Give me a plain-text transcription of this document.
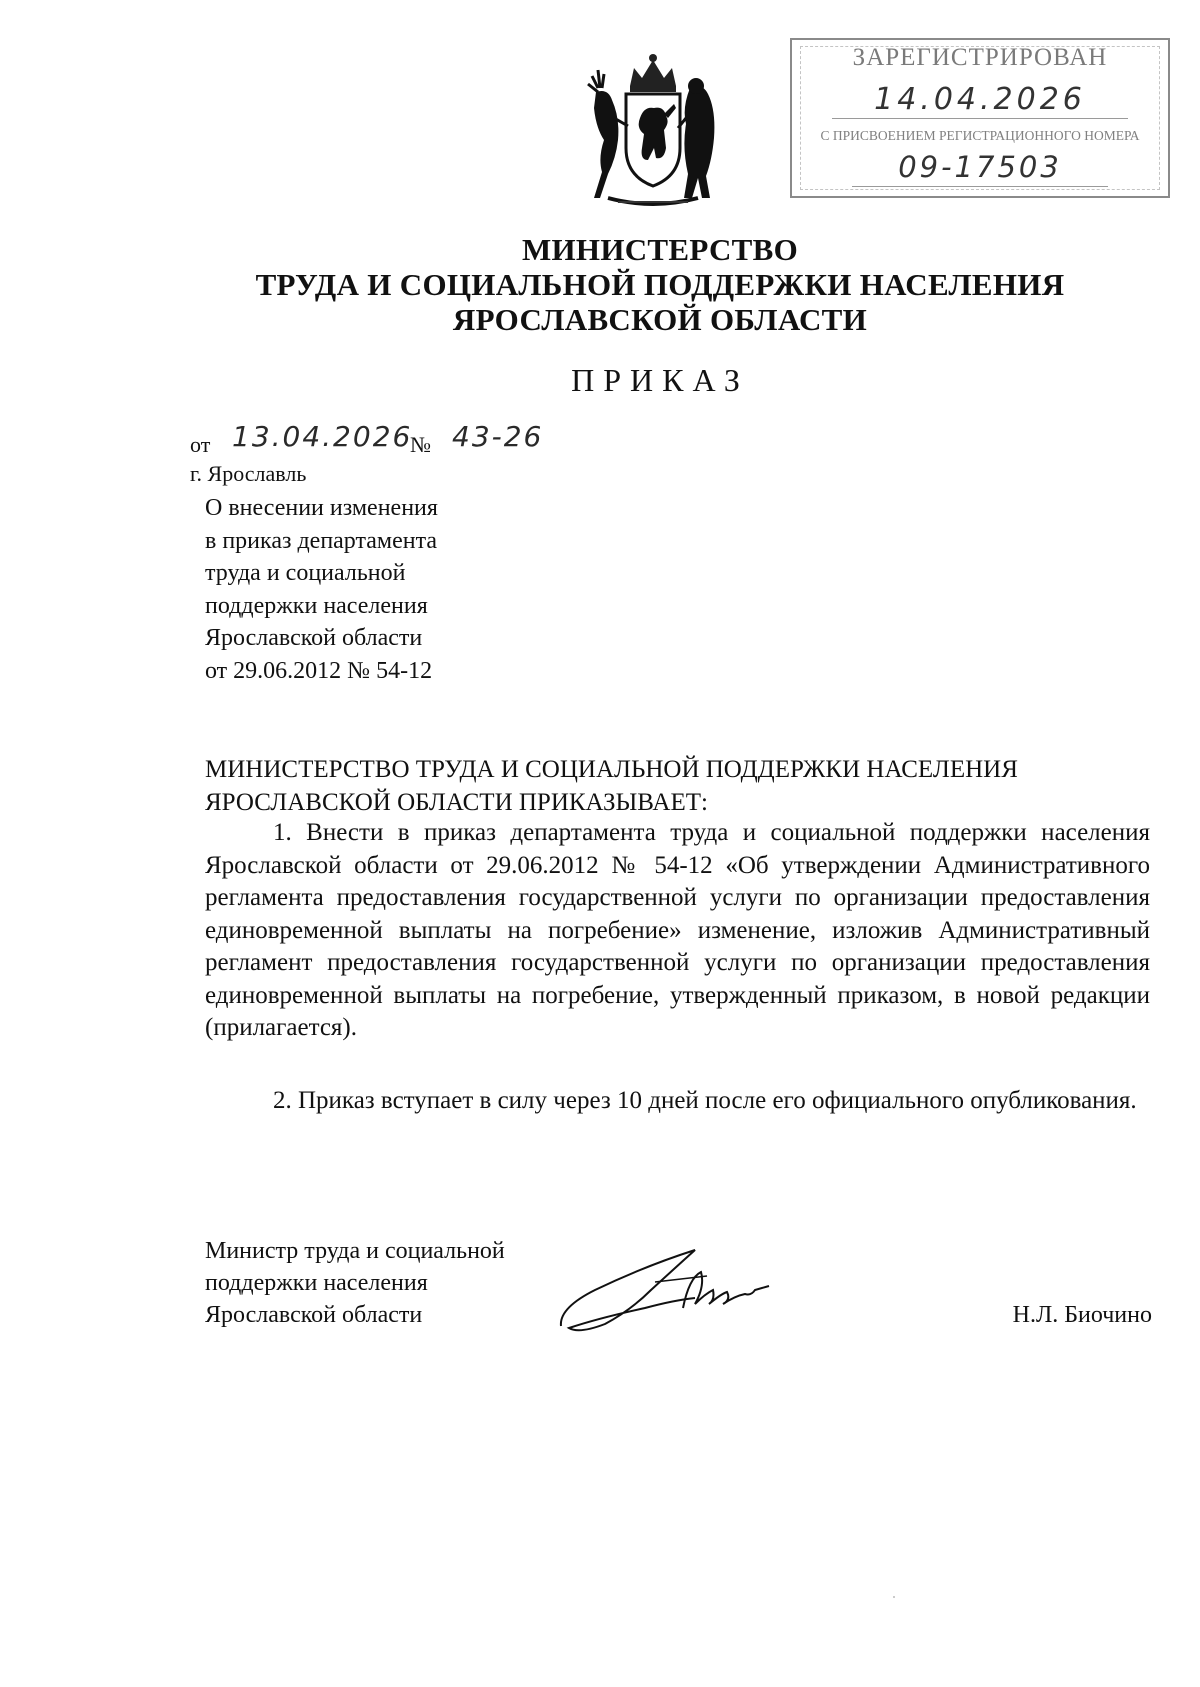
ЗАРЕГИСТРИРОВАН
14.04.2026
С ПРИСВОЕНИЕМ РЕГИСТРАЦИОННОГО НОМЕРА
09-17503
МИНИСТЕРСТВО
ТРУДА И СОЦИАЛЬНОЙ ПОДДЕРЖКИ НАСЕЛЕНИЯ
ЯРОСЛАВСКОЙ ОБЛАСТИ
ПРИКАЗ
от 13.04.2026
№ 43-26
г. Ярославль
О внесении изменения
в приказ департамента
труда и социальной
поддержки населения
Ярославской области
от 29.06.2012 № 54-12
МИНИСТЕРСТВО ТРУДА И СОЦИАЛЬНОЙ ПОДДЕРЖКИ НАСЕЛЕНИЯ ЯРОСЛАВСКОЙ ОБЛАСТИ ПРИКАЗЫВАЕТ:
1. Внести в приказ департамента труда и социальной поддержки населения Ярославской области от 29.06.2012 № 54-12 «Об утверждении Административного регламента предоставления государственной услуги по организации предоставления единовременной выплаты на погребение» изменение, изложив Административный регламент предоставления государственной услуги по организации предоставления единовременной выплаты на погребение, утвержденный приказом, в новой редакции (прилагается).
2. Приказ вступает в силу через 10 дней после его официального опубликования.
Министр труда и социальной
поддержки населения
Ярославской области	Н.Л. Биочино
